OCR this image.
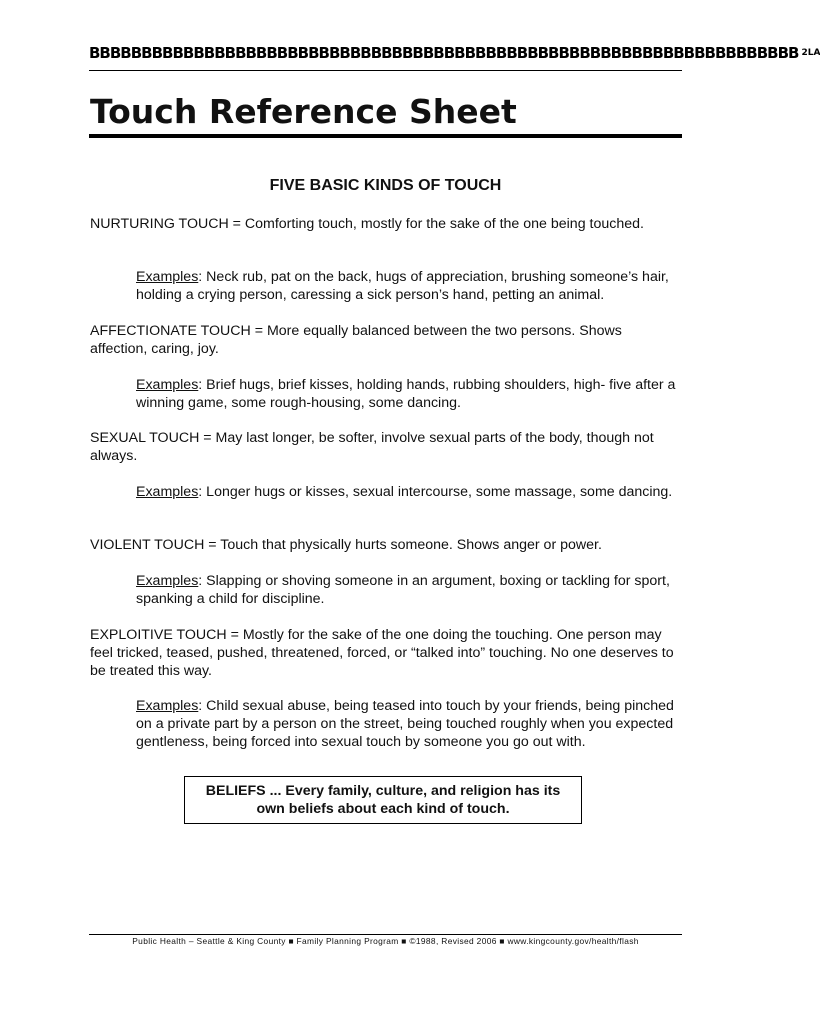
BBBBBBBBBBBBBBBBBBBBBBBBBBBBBBBBBBBBBBBBBBBBBBBBBBBBBBBBBBBBBBBBBBBB 2LA
Touch Reference Sheet
FIVE BASIC KINDS OF TOUCH

NURTURING TOUCH = Comforting touch, mostly for the sake of the one being touched.

Examples: Neck rub, pat on the back, hugs of appreciation, brushing someone’s hair, holding a crying person, caressing a sick person’s hand, petting an animal.

AFFECTIONATE TOUCH = More equally balanced between the two persons. Shows affection, caring, joy.

Examples: Brief hugs, brief kisses, holding hands, rubbing shoulders, high- five after a winning game, some rough-housing, some dancing.

SEXUAL TOUCH = May last longer, be softer, involve sexual parts of the body, though not always.

Examples: Longer hugs or kisses, sexual intercourse, some massage, some dancing.

VIOLENT TOUCH = Touch that physically hurts someone. Shows anger or power.

Examples: Slapping or shoving someone in an argument, boxing or tackling for sport, spanking a child for discipline.

EXPLOITIVE TOUCH = Mostly for the sake of the one doing the touching. One person may feel tricked, teased, pushed, threatened, forced, or “talked into” touching. No one deserves to be treated this way.

Examples: Child sexual abuse, being teased into touch by your friends, being pinched on a private part by a person on the street, being touched roughly when you expected gentleness, being forced into sexual touch by someone you go out with.

BELIEFS ... Every family, culture, and religion has its
own beliefs about each kind of touch.

Public Health – Seattle & King County ■ Family Planning Program ■ ©1988, Revised 2006 ■ www.kingcounty.gov/health/flash
